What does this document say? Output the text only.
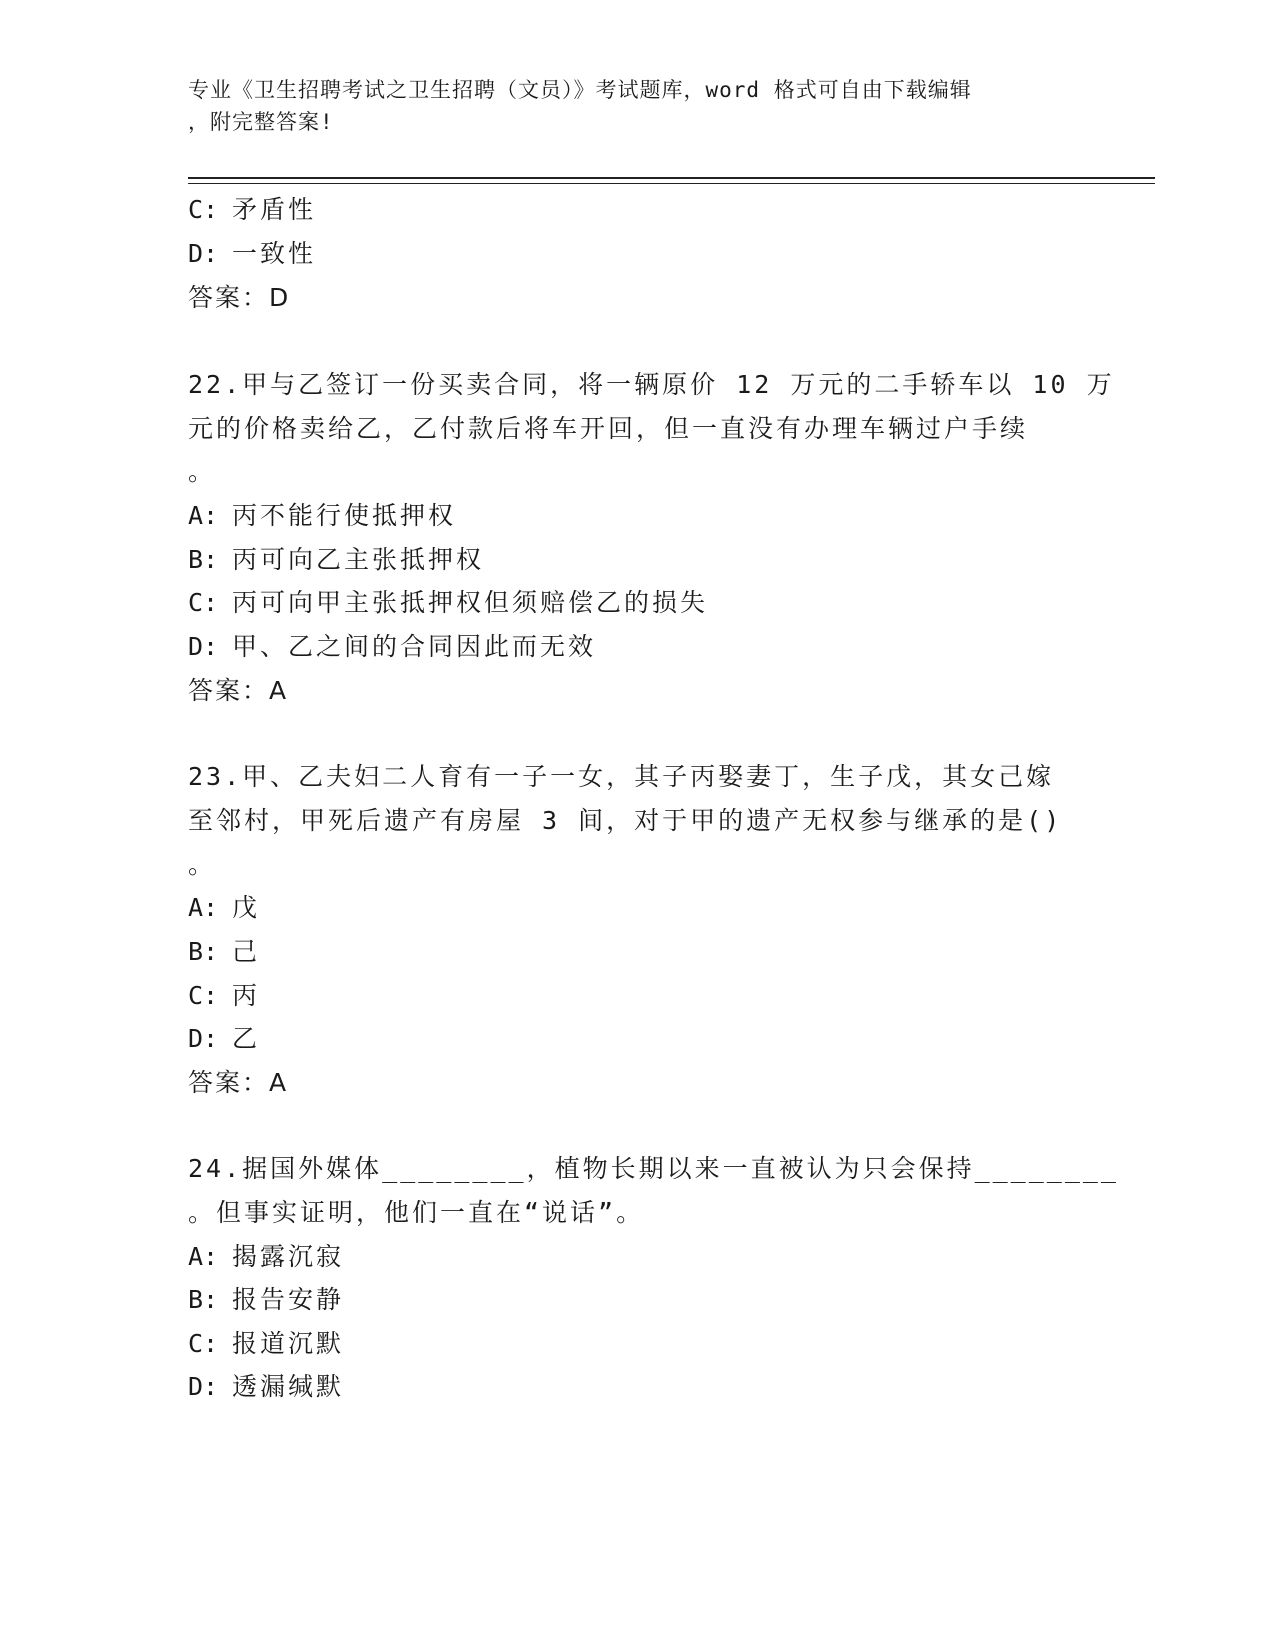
专业《卫生招聘考试之卫生招聘（文员）》考试题库，word 格式可自由下载编辑
，附完整答案!
C: 矛盾性
D: 一致性
答案：D
22.甲与乙签订一份买卖合同，将一辆原价 12 万元的二手轿车以 10 万
元的价格卖给乙，乙付款后将车开回，但一直没有办理车辆过户手续
。
A: 丙不能行使抵押权
B: 丙可向乙主张抵押权
C: 丙可向甲主张抵押权但须赔偿乙的损失
D: 甲、乙之间的合同因此而无效
答案：A
23.甲、乙夫妇二人育有一子一女，其子丙娶妻丁，生子戊，其女己嫁
至邻村，甲死后遗产有房屋 3 间，对于甲的遗产无权参与继承的是()
。
A: 戊
B: 己
C: 丙
D: 乙
答案：A
24.据国外媒体________，植物长期以来一直被认为只会保持________
。但事实证明，他们一直在“说话”。
A: 揭露沉寂
B: 报告安静
C: 报道沉默
D: 透漏缄默
